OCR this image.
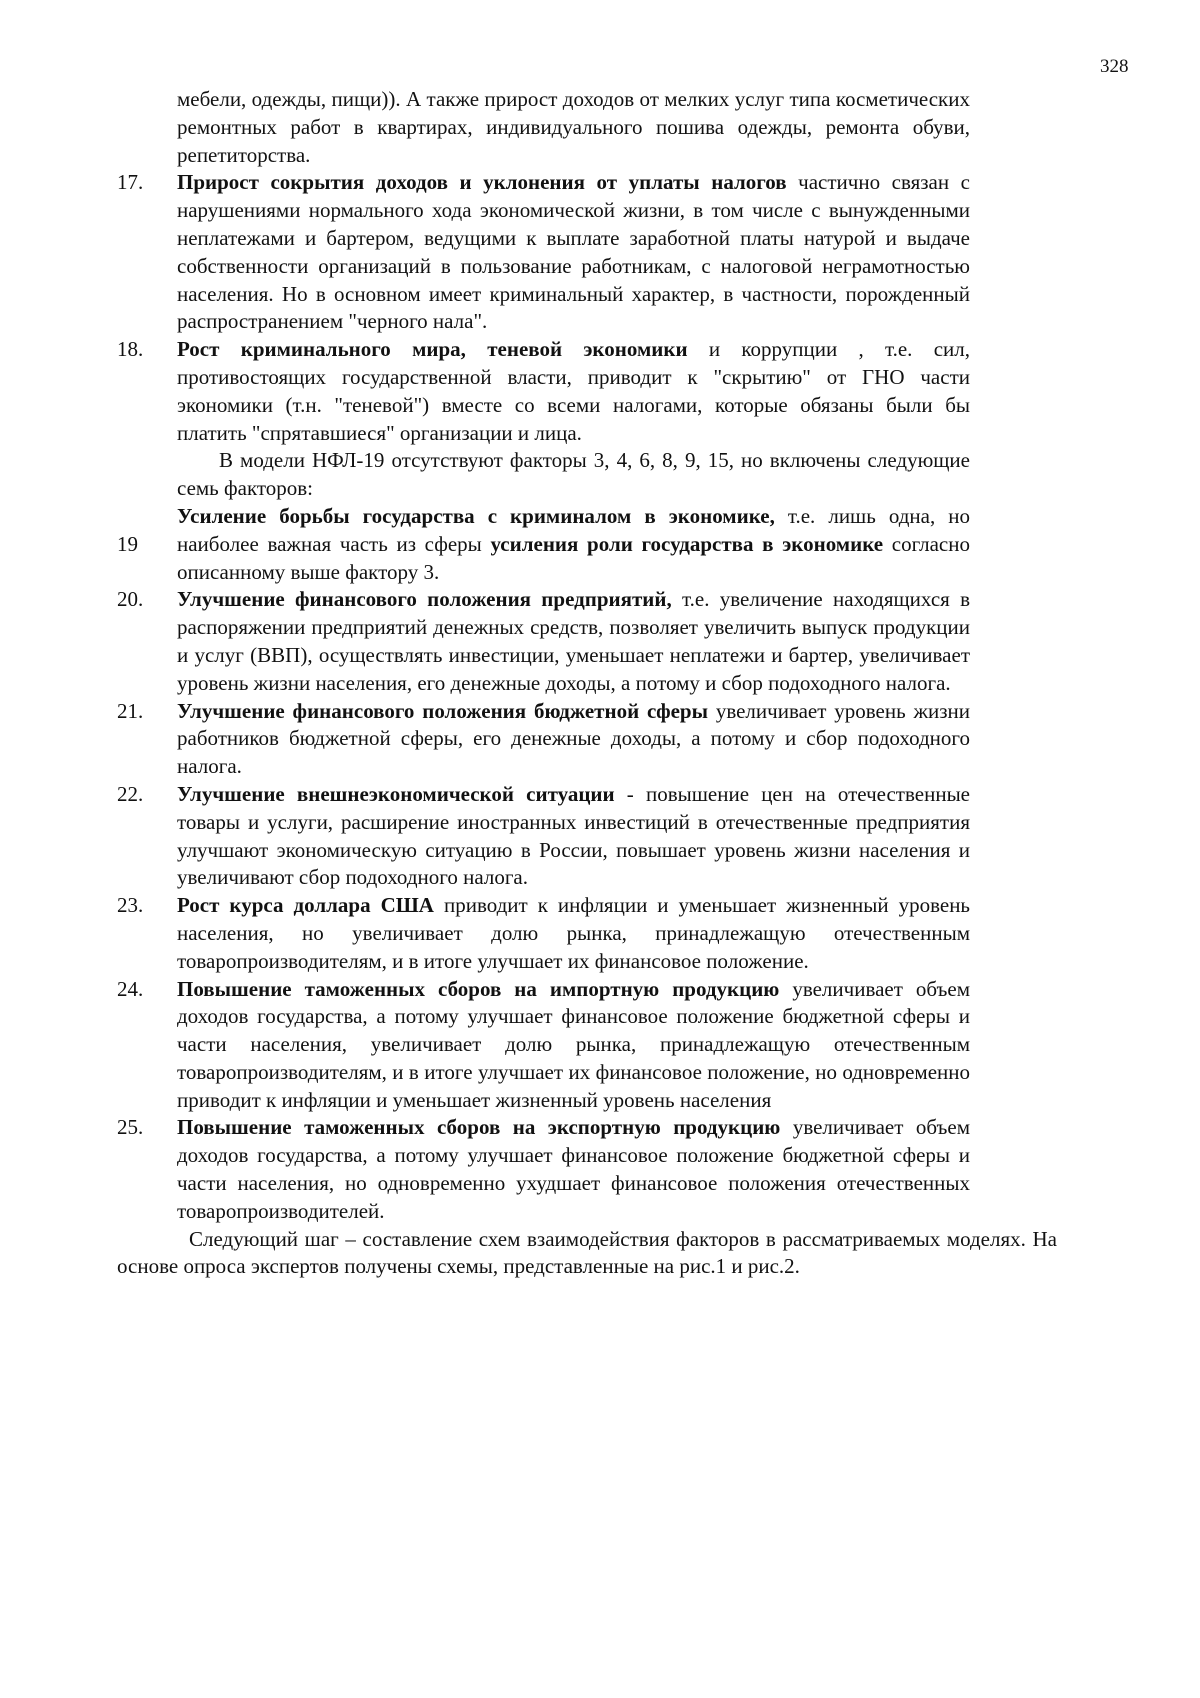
328
мебели, одежды, пищи)). А также прирост доходов от мелких услуг типа косметических ремонтных работ в квартирах, индивидуального пошива одежды, ремонта обуви, репетиторства.
17.	Прирост сокрытия доходов и уклонения от уплаты налогов частично связан с нарушениями нормального хода экономической жизни, в том числе с вынужденными неплатежами и бартером, ведущими к выплате заработной платы натурой и выдаче собственности организаций в пользование работникам, с налоговой неграмотностью населения. Но в основном имеет криминальный характер, в частности, порожденный распространением "черного нала".
18.	Рост криминального мира, теневой экономики и коррупции , т.е. сил, противостоящих государственной власти, приводит к "скрытию" от ГНО части экономики (т.н. "теневой") вместе со всеми налогами, которые обязаны были бы платить "спрятавшиеся" организации и лица.
В модели НФЛ-19 отсутствуют факторы 3, 4, 6, 8, 9, 15, но включены следующие семь факторов:
19
Усиление борьбы государства с криминалом в экономике, т.е. лишь одна, но наиболее важная часть из сферы усиления роли государства в экономике согласно описанному выше фактору 3.
20.	Улучшение финансового положения предприятий, т.е. увеличение находящихся в распоряжении предприятий денежных средств, позволяет увеличить выпуск продукции и услуг (ВВП), осуществлять инвестиции, уменьшает неплатежи и бартер, увеличивает уровень жизни населения, его денежные доходы, а потому и сбор подоходного налога.
21.	Улучшение финансового положения бюджетной сферы увеличивает уровень жизни работников бюджетной сферы, его денежные доходы, а потому и сбор подоходного налога.
22.	Улучшение внешнеэкономической ситуации - повышение цен на отечественные товары и услуги, расширение иностранных инвестиций в отечественные предприятия улучшают экономическую ситуацию в России, повышает уровень жизни населения и увеличивают сбор подоходного налога.
23.	Рост курса доллара США приводит к инфляции и уменьшает жизненный уровень населения, но увеличивает долю рынка, принадлежащую отечественным товаропроизводителям, и в итоге улучшает их финансовое положение.
24.	Повышение таможенных сборов на импортную продукцию увеличивает объем доходов государства, а потому улучшает финансовое положение бюджетной сферы и части населения, увеличивает долю рынка, принадлежащую отечественным товаропроизводителям, и в итоге улучшает их финансовое положение, но одновременно приводит к инфляции и уменьшает жизненный уровень населения
25.	Повышение таможенных сборов на экспортную продукцию увеличивает объем доходов государства, а потому улучшает финансовое положение бюджетной сферы и части населения, но одновременно ухудшает финансовое положения отечественных товаропроизводителей.
Следующий шаг – составление схем взаимодействия факторов в рассматриваемых моделях. На основе опроса экспертов получены схемы, представленные на рис.1 и рис.2.
